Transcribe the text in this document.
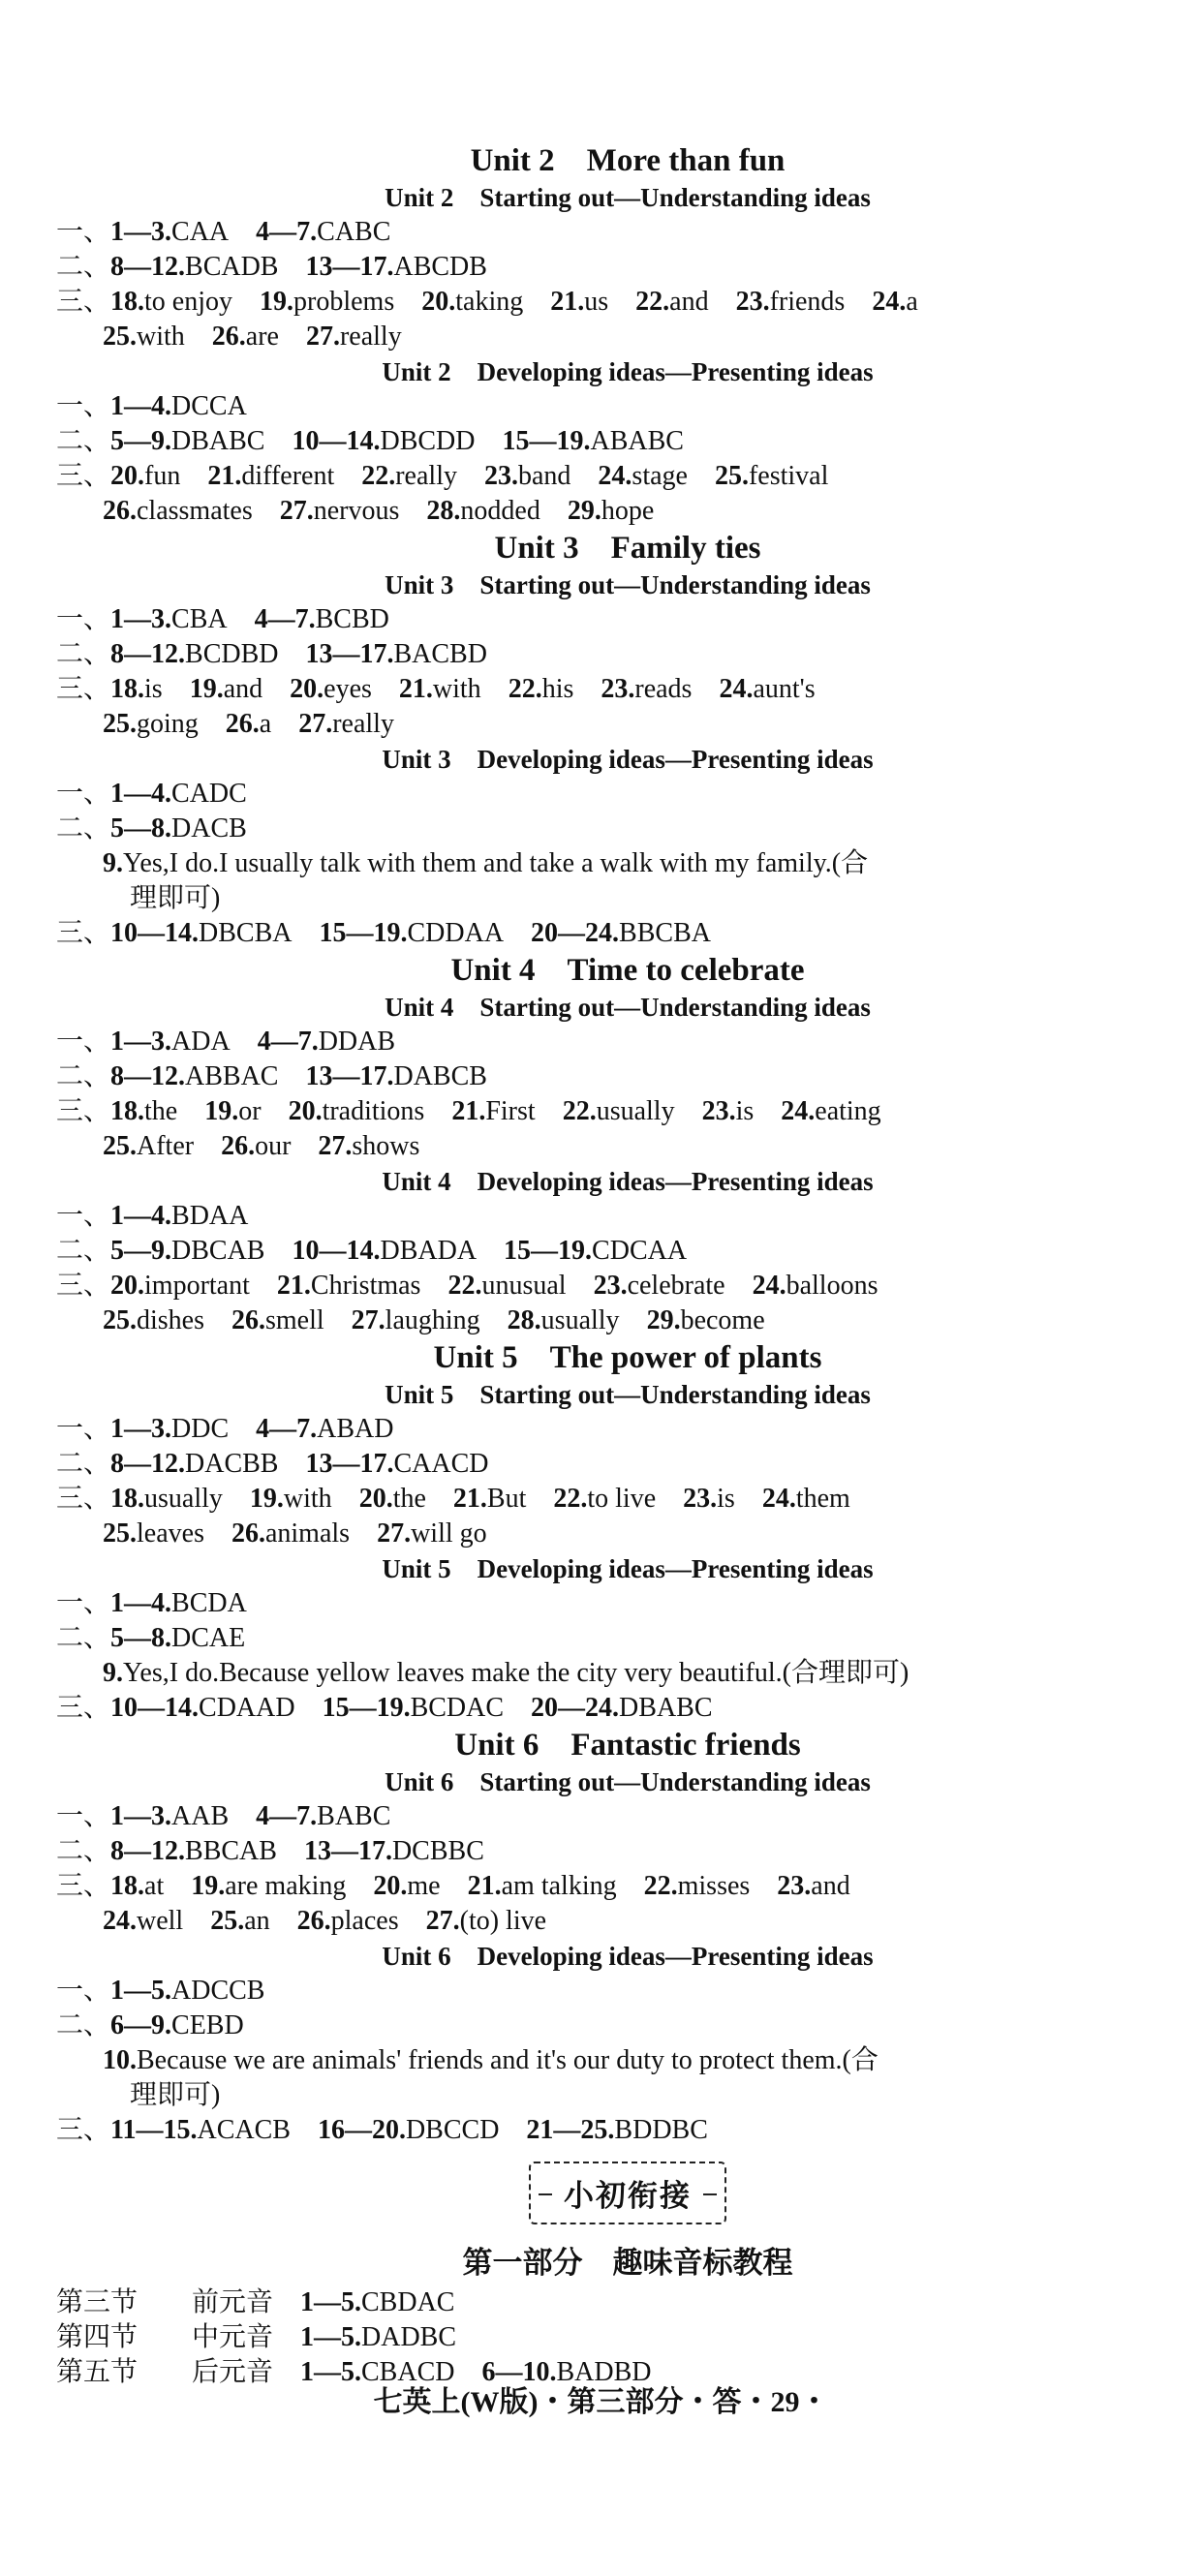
Unit 2　More than fun
Unit 2　Starting out—Understanding ideas
一、1—3.CAA 4—7.CABC
二、8—12.BCADB 13—17.ABCDB
三、18.to enjoy 19.problems 20.taking 21.us 22.and 23.friends 24.a
25.with 26.are 27.really
Unit 2　Developing ideas—Presenting ideas
一、1—4.DCCA
二、5—9.DBABC 10—14.DBCDD 15—19.ABABC
三、20.fun 21.different 22.really 23.band 24.stage 25.festival
26.classmates 27.nervous 28.nodded 29.hope
Unit 3　Family ties
Unit 3　Starting out—Understanding ideas
一、1—3.CBA 4—7.BCBD
二、8—12.BCDBD 13—17.BACBD
三、18.is 19.and 20.eyes 21.with 22.his 23.reads 24.aunt's
25.going 26.a 27.really
Unit 3　Developing ideas—Presenting ideas
一、1—4.CADC
二、5—8.DACB
9.Yes,I do.I usually talk with them and take a walk with my family.(合
理即可)
三、10—14.DBCBA 15—19.CDDAA 20—24.BBCBA
Unit 4　Time to celebrate
Unit 4　Starting out—Understanding ideas
一、1—3.ADA 4—7.DDAB
二、8—12.ABBAC 13—17.DABCB
三、18.the 19.or 20.traditions 21.First 22.usually 23.is 24.eating
25.After 26.our 27.shows
Unit 4　Developing ideas—Presenting ideas
一、1—4.BDAA
二、5—9.DBCAB 10—14.DBADA 15—19.CDCAA
三、20.important 21.Christmas 22.unusual 23.celebrate 24.balloons
25.dishes 26.smell 27.laughing 28.usually 29.become
Unit 5　The power of plants
Unit 5　Starting out—Understanding ideas
一、1—3.DDC 4—7.ABAD
二、8—12.DACBB 13—17.CAACD
三、18.usually 19.with 20.the 21.But 22.to live 23.is 24.them
25.leaves 26.animals 27.will go
Unit 5　Developing ideas—Presenting ideas
一、1—4.BCDA
二、5—8.DCAE
9.Yes,I do.Because yellow leaves make the city very beautiful.(合理即可)
三、10—14.CDAAD 15—19.BCDAC 20—24.DBABC
Unit 6　Fantastic friends
Unit 6　Starting out—Understanding ideas
一、1—3.AAB 4—7.BABC
二、8—12.BBCAB 13—17.DCBBC
三、18.at 19.are making 20.me 21.am talking 22.misses 23.and
24.well 25.an 26.places 27.(to) live
Unit 6　Developing ideas—Presenting ideas
一、1—5.ADCCB
二、6—9.CEBD
10.Because we are animals' friends and it's our duty to protect them.(合
理即可)
三、11—15.ACACB 16—20.DBCCD 21—25.BDDBC
小初衔接
第一部分　趣味音标教程
第三节 前元音 1—5.CBDAC
第四节 中元音 1—5.DADBC
第五节 后元音 1—5.CBACD 6—10.BADBD
七英上(W版)・第三部分・答・29・
